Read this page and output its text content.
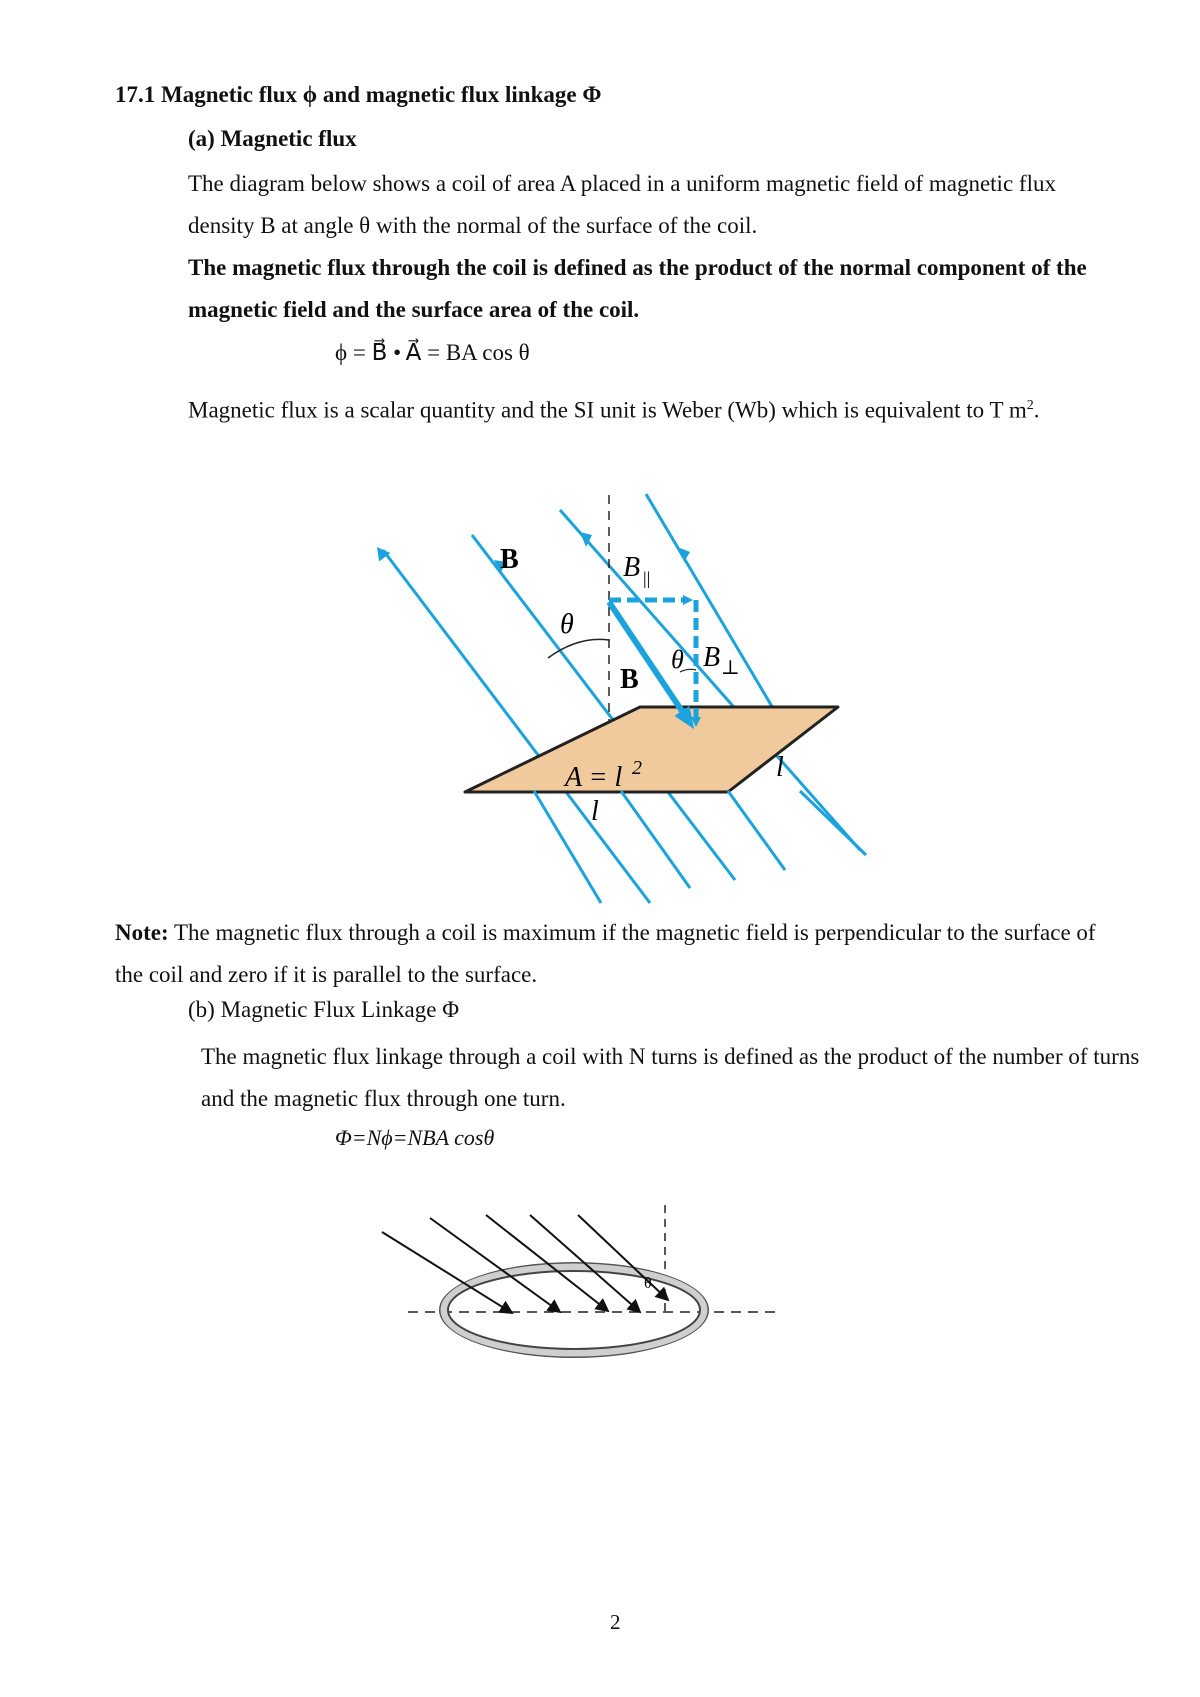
17.1 Magnetic flux ϕ and magnetic flux linkage Φ
(a) Magnetic flux
The diagram below shows a coil of area A placed in a uniform magnetic field of magnetic flux density B at angle θ with the normal of the surface of the coil.
The magnetic flux through the coil is defined as the product of the normal component of the magnetic field and the surface area of the coil.
ϕ = B⃗ • A⃗ = BA cos θ
Magnetic flux is a scalar quantity and the SI unit is Weber (Wb) which is equivalent to T $m^2$.
B⃗	B ||
θ
B⃗
θ B ⊥
A = l 2
l
l
Note: The magnetic flux through a coil is maximum if the magnetic field is perpendicular to the surface of the coil and zero if it is parallel to the surface.
(b) Magnetic Flux Linkage Φ
The magnetic flux linkage through a coil with N turns is defined as the product of the number of turns and the magnetic flux through one turn.
Φ=Nϕ=NBA cosθ
θ
2
